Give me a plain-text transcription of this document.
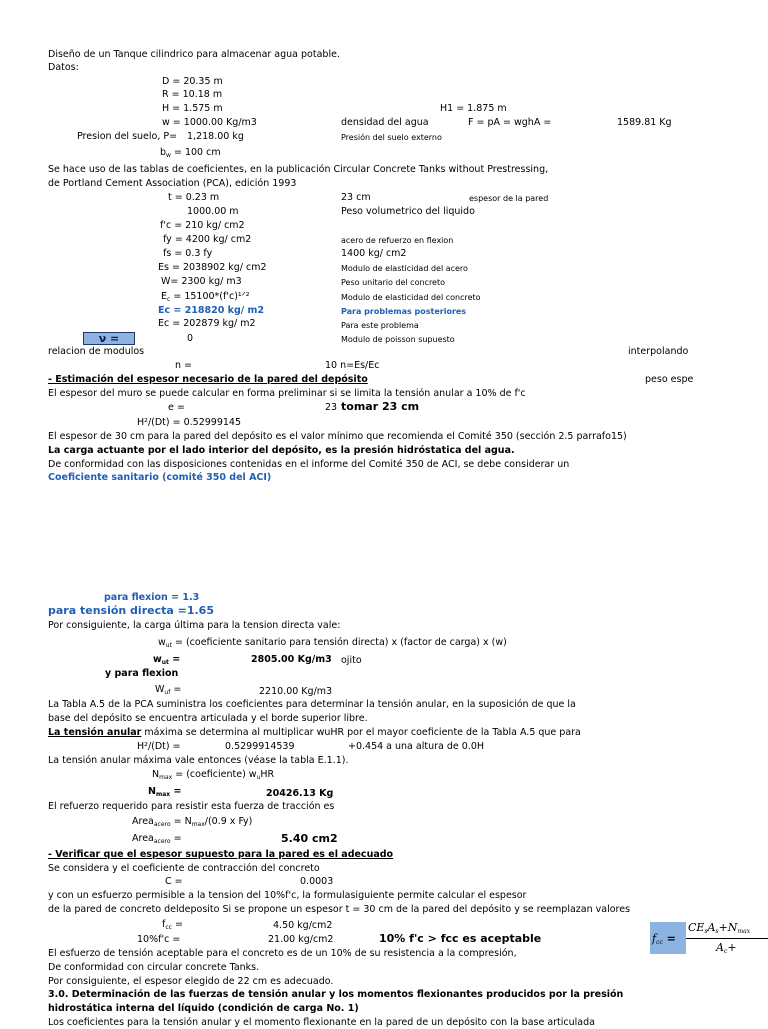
Diseño de un Tanque cilindrico para almacenar agua potable.
Datos:
D = 20.35 m
R = 10.18 m
H = 1.575 m	H1 = 1.875 m
w = 1000.00 Kg/m3	densidad del agua	F = pA = wghA =	1589.81 Kg
Presion del suelo, P= 1,218.00 kg	Presión del suelo externo
$b_w = 100$ cm
Se hace uso de las tablas de coeficientes, en la publicación Circular Concrete Tanks without Prestressing,
de Portland Cement Association (PCA), edición 1993
t = 0.23 m	23 cm	espesor de la pared
1000.00 m	Peso volumetrico del liquido
f'c = 210 kg/ cm2
fy = 4200 kg/ cm2	acero de refuerzo en flexion
fs = 0.3 fy	1400 kg/ cm2
Es = 2038902 kg/ cm2	Modulo de elasticidad del acero
W= 2300 kg/ m3	Peso unitario del concreto
$E_c$ = 15100*(f'c)¹ᐟ²	Modulo de elasticidad del concreto
Ec = 218820 kg/ m2	Para problemas posteriores
Ec = 202879 kg/ m2	Para este problema
ν =	0	Modulo de poisson supuesto
relacion de modulos	interpolando
n =	10 n=Es/Ec
- Estimación del espesor necesario de la pared del depósito	peso espe
El espesor del muro se puede calcular en forma preliminar si se limita la tensión anular a 10% de f'c
e =	23 tomar 23 cm
H²/(Dt) = 0.52999145
El espesor de 30 cm para la pared del depósito es el valor mínimo que recomienda el Comité 350 (sección 2.5 parrafo15)
La carga actuante por el lado interior del depósito, es la presión hidróstatica del agua.
De conformidad con las disposiciones contenidas en el informe del Comité 350 de ACI, se debe considerar un
Coeficiente sanitario (comité 350 del ACI)
para flexion = 1.3
para tensión directa =1.65
Por consiguiente, la carga última para la tension directa vale:
$w_{ut}$ = (coeficiente sanitario para tensión directa) x (factor de carga) x (w)
$w_{ut}$ =	2805.00 Kg/m3 ojito
y para flexion
$W_{uf}$ =	2210.00 Kg/m3
La Tabla A.5 de la PCA suministra los coeficientes para determinar la tensión anular, en la suposición de que la
base del depósito se encuentra articulada y el borde superior libre.
La tensión anular máxima se determina al multiplicar wuHR por el mayor coeficiente de la Tabla A.5 que para
H²/(Dt) =	0.5299914539	+0.454 a una altura de 0.0H
La tensión anular máxima vale entonces (véase la tabla E.1.1).
$N_{max}$ = (coeficiente) $w_uHR$
$N_{max}$ =	20426.13 Kg
El refuerzo requerido para resistir esta fuerza de tracción es
Area$_{acero}$ = $N_{max}/(0.9$ x Fy)
Area$_{acero}$ =	5.40 cm2
- Verificar que el espesor supuesto para la pared es el adecuado
Se considera y el coeficiente de contracción del concreto
C =	0.0003
y con un esfuerzo permisible a la tension del 10%f'c, la formulasiguiente permite calcular el espesor
de la pared de concreto deldeposito Si se propone un espesor t = 30 cm de la pared del depósito y se reemplazan valores
$f_{cc}$ =	4.50 kg/cm2
10%f'c =	21.00 kg/cm2	10% f'c > fcc es aceptable	$f_{cc}$ =
$CE_sA_s+N_{max}$
$A_c+$
El esfuerzo de tensión aceptable para el concreto es de un 10% de su resistencia a la compresión,
De conformidad con circular concrete Tanks.
Por consiguiente, el espesor elegido de 22 cm es adecuado.
3.0. Determinación de las fuerzas de tensión anular y los momentos flexionantes producidos por la presión
hidrostática interna del líquido (condición de carga No. 1)
Los coeficientes para la tensión anular y el momento flexionante en la pared de un depósito con la base articulada
